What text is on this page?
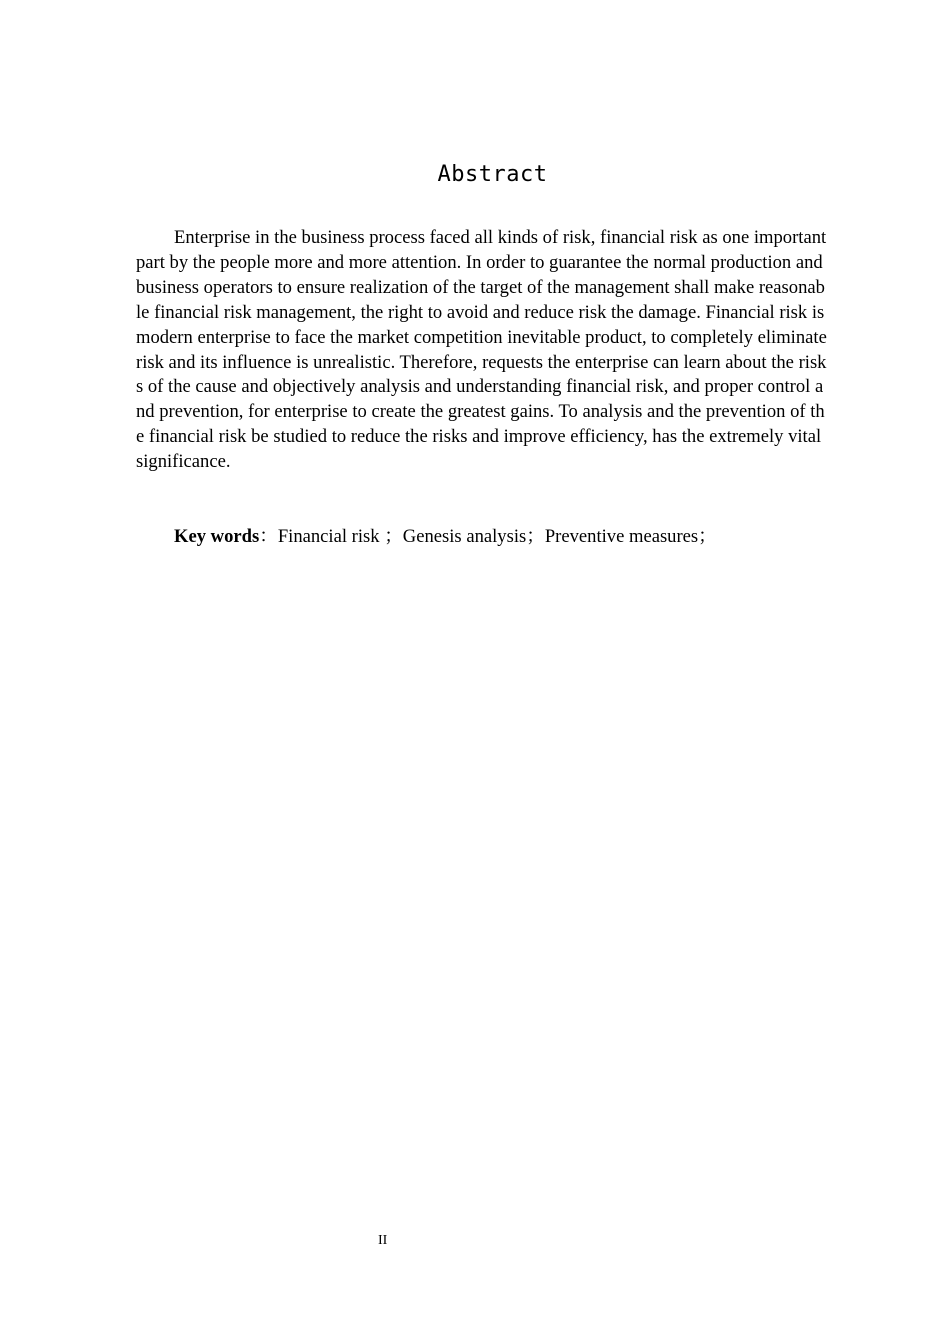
Abstract
Enterprise in the business process faced all kinds of risk, financial risk as one important
part by the people more and more attention. In order to guarantee the normal production and
business operators to ensure realization of the target of the management shall make reasonab
le financial risk management, the right to avoid and reduce risk the damage. Financial risk is
modern enterprise to face the market competition inevitable product, to completely eliminate
risk and its influence is unrealistic. Therefore, requests the enterprise can learn about the risk
s of the cause and objectively analysis and understanding financial risk, and proper control a
nd prevention, for enterprise to create the greatest gains. To analysis and the prevention of th
e financial risk be studied to reduce the risks and improve efficiency, has the extremely vital
significance.
Key words：Financial risk ；Genesis analysis；Preventive measures；
II
